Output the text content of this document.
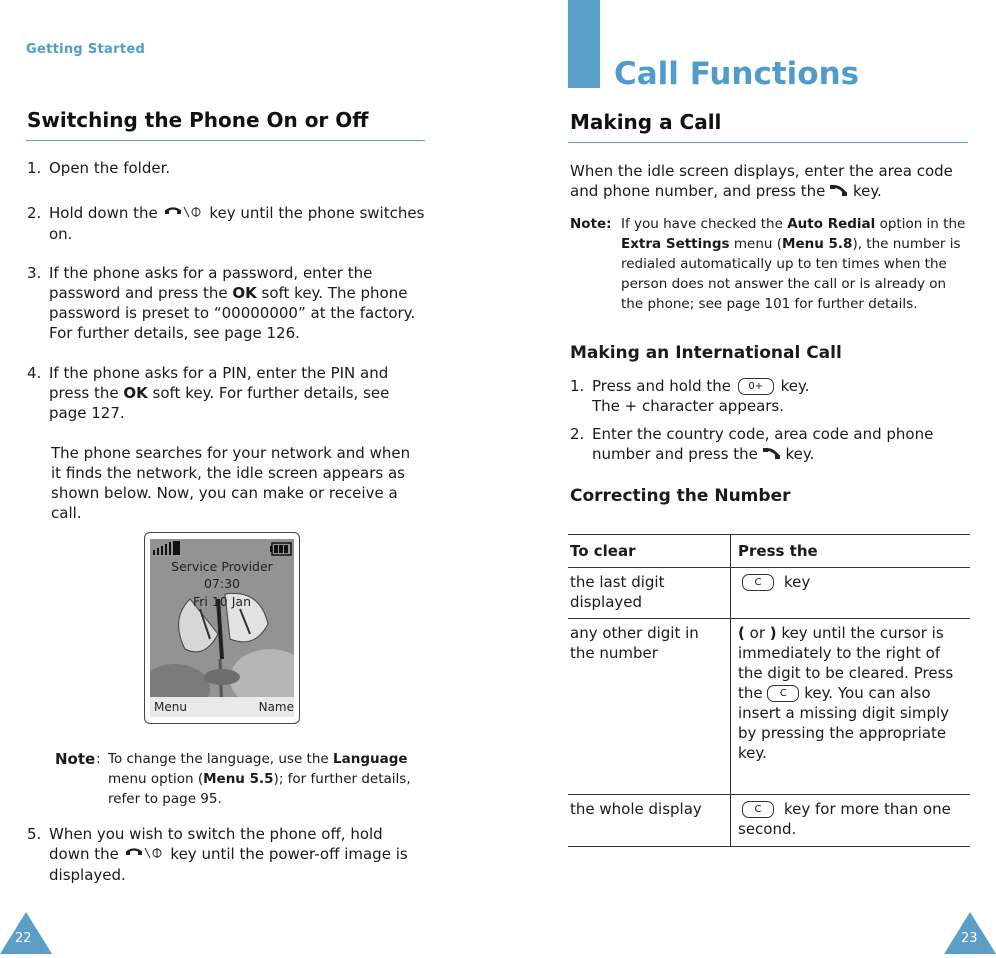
Getting Started
Switching the Phone On or Off
1. Open the folder.
2. Hold down the	key until the phone switches on.
3. If the phone asks for a password, enter the password and press the OK soft key. The phone password is preset to “00000000” at the factory. For further details, see page 126.
4. If the phone asks for a PIN, enter the PIN and press the OK soft key. For further details, see page 127.
The phone searches for your network and when it finds the network, the idle screen appears as shown below. Now, you can make or receive a call.
Service Provider
07:30
Fri 10 Jan
Menu	Name
Note : To change the language, use the Language menu option (Menu 5.5); for further details, refer to page 95.
5. When you wish to switch the phone off, hold down the	key until the power-off image is displayed.
22
Call Functions
Making a Call
When the idle screen displays, enter the area code and phone number, and press the key.
Note: If you have checked the Auto Redial option in the Extra Settings menu (Menu 5.8), the number is redialed automatically up to ten times when the person does not answer the call or is already on the phone; see page 101 for further details.
Making an International Call
1. Press and hold the 0+ key.
The + character appears.
2. Enter the country code, area code and phone number and press the key.
Correcting the Number
To clear	Press the
the last digit displayed	C key
any other digit in the number	( or ) key until the cursor is immediately to the right of the digit to be cleared. Press the C key. You can also insert a missing digit simply by pressing the appropriate key.
the whole display	C key for more than one second.
23
